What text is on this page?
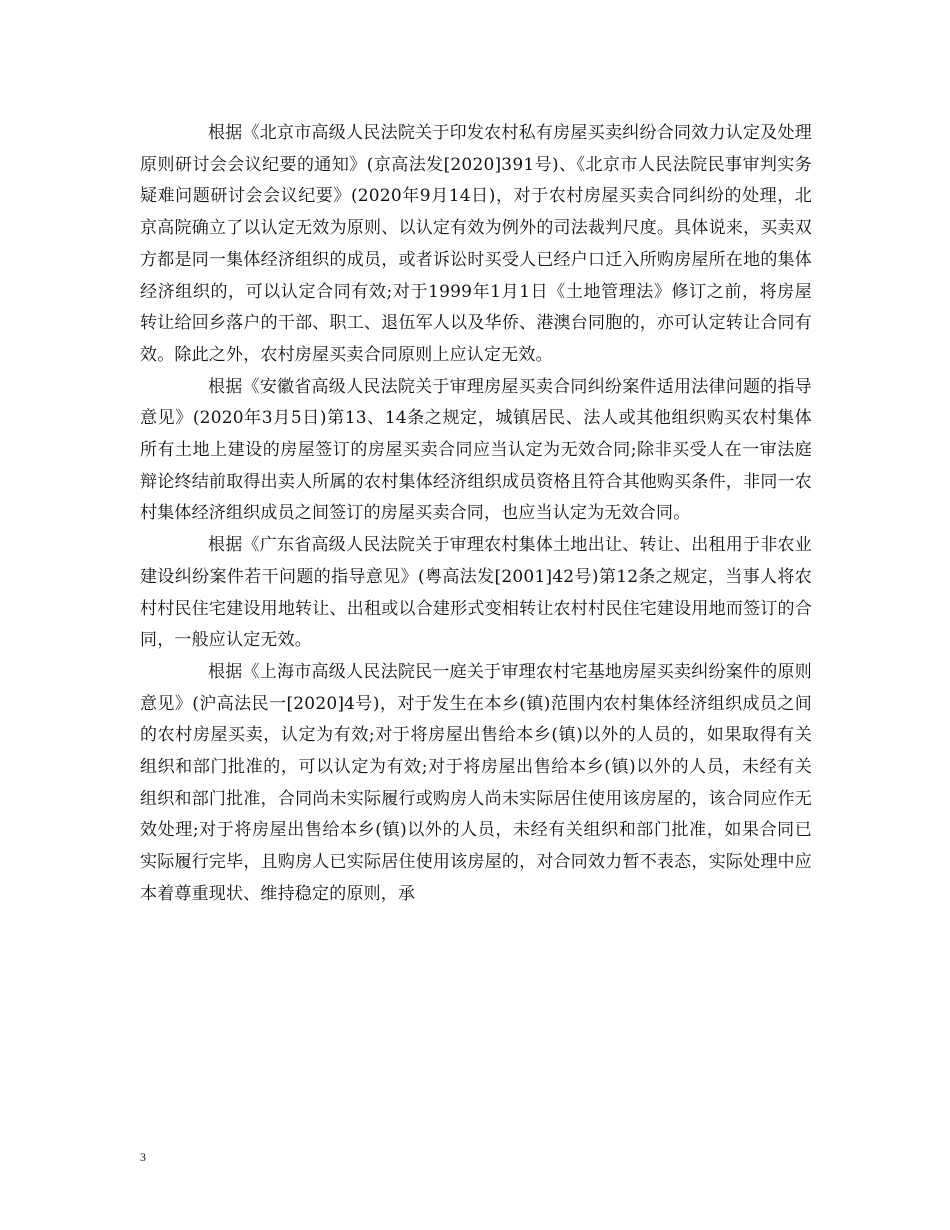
根据《北京市高级人民法院关于印发农村私有房屋买卖纠纷合同效力认定及处理原则研讨会会议纪要的通知》(京高法发[2020]391号)、《北京市人民法院民事审判实务疑难问题研讨会会议纪要》(2020年9月14日)，对于农村房屋买卖合同纠纷的处理，北京高院确立了以认定无效为原则、以认定有效为例外的司法裁判尺度。具体说来，买卖双方都是同一集体经济组织的成员，或者诉讼时买受人已经户口迁入所购房屋所在地的集体经济组织的，可以认定合同有效;对于1999年1月1日《土地管理法》修订之前，将房屋转让给回乡落户的干部、职工、退伍军人以及华侨、港澳台同胞的，亦可认定转让合同有效。除此之外，农村房屋买卖合同原则上应认定无效。

根据《安徽省高级人民法院关于审理房屋买卖合同纠纷案件适用法律问题的指导意见》(2020年3月5日)第13、14条之规定，城镇居民、法人或其他组织购买农村集体所有土地上建设的房屋签订的房屋买卖合同应当认定为无效合同;除非买受人在一审法庭辩论终结前取得出卖人所属的农村集体经济组织成员资格且符合其他购买条件，非同一农村集体经济组织成员之间签订的房屋买卖合同，也应当认定为无效合同。

根据《广东省高级人民法院关于审理农村集体土地出让、转让、出租用于非农业建设纠纷案件若干问题的指导意见》(粤高法发[2001]42号)第12条之规定，当事人将农村村民住宅建设用地转让、出租或以合建形式变相转让农村村民住宅建设用地而签订的合同，一般应认定无效。

根据《上海市高级人民法院民一庭关于审理农村宅基地房屋买卖纠纷案件的原则意见》(沪高法民一[2020]4号)，对于发生在本乡(镇)范围内农村集体经济组织成员之间的农村房屋买卖，认定为有效;对于将房屋出售给本乡(镇)以外的人员的，如果取得有关组织和部门批准的，可以认定为有效;对于将房屋出售给本乡(镇)以外的人员，未经有关组织和部门批准，合同尚未实际履行或购房人尚未实际居住使用该房屋的，该合同应作无效处理;对于将房屋出售给本乡(镇)以外的人员，未经有关组织和部门批准，如果合同已实际履行完毕，且购房人已实际居住使用该房屋的，对合同效力暂不表态，实际处理中应本着尊重现状、维持稳定的原则，承

3
